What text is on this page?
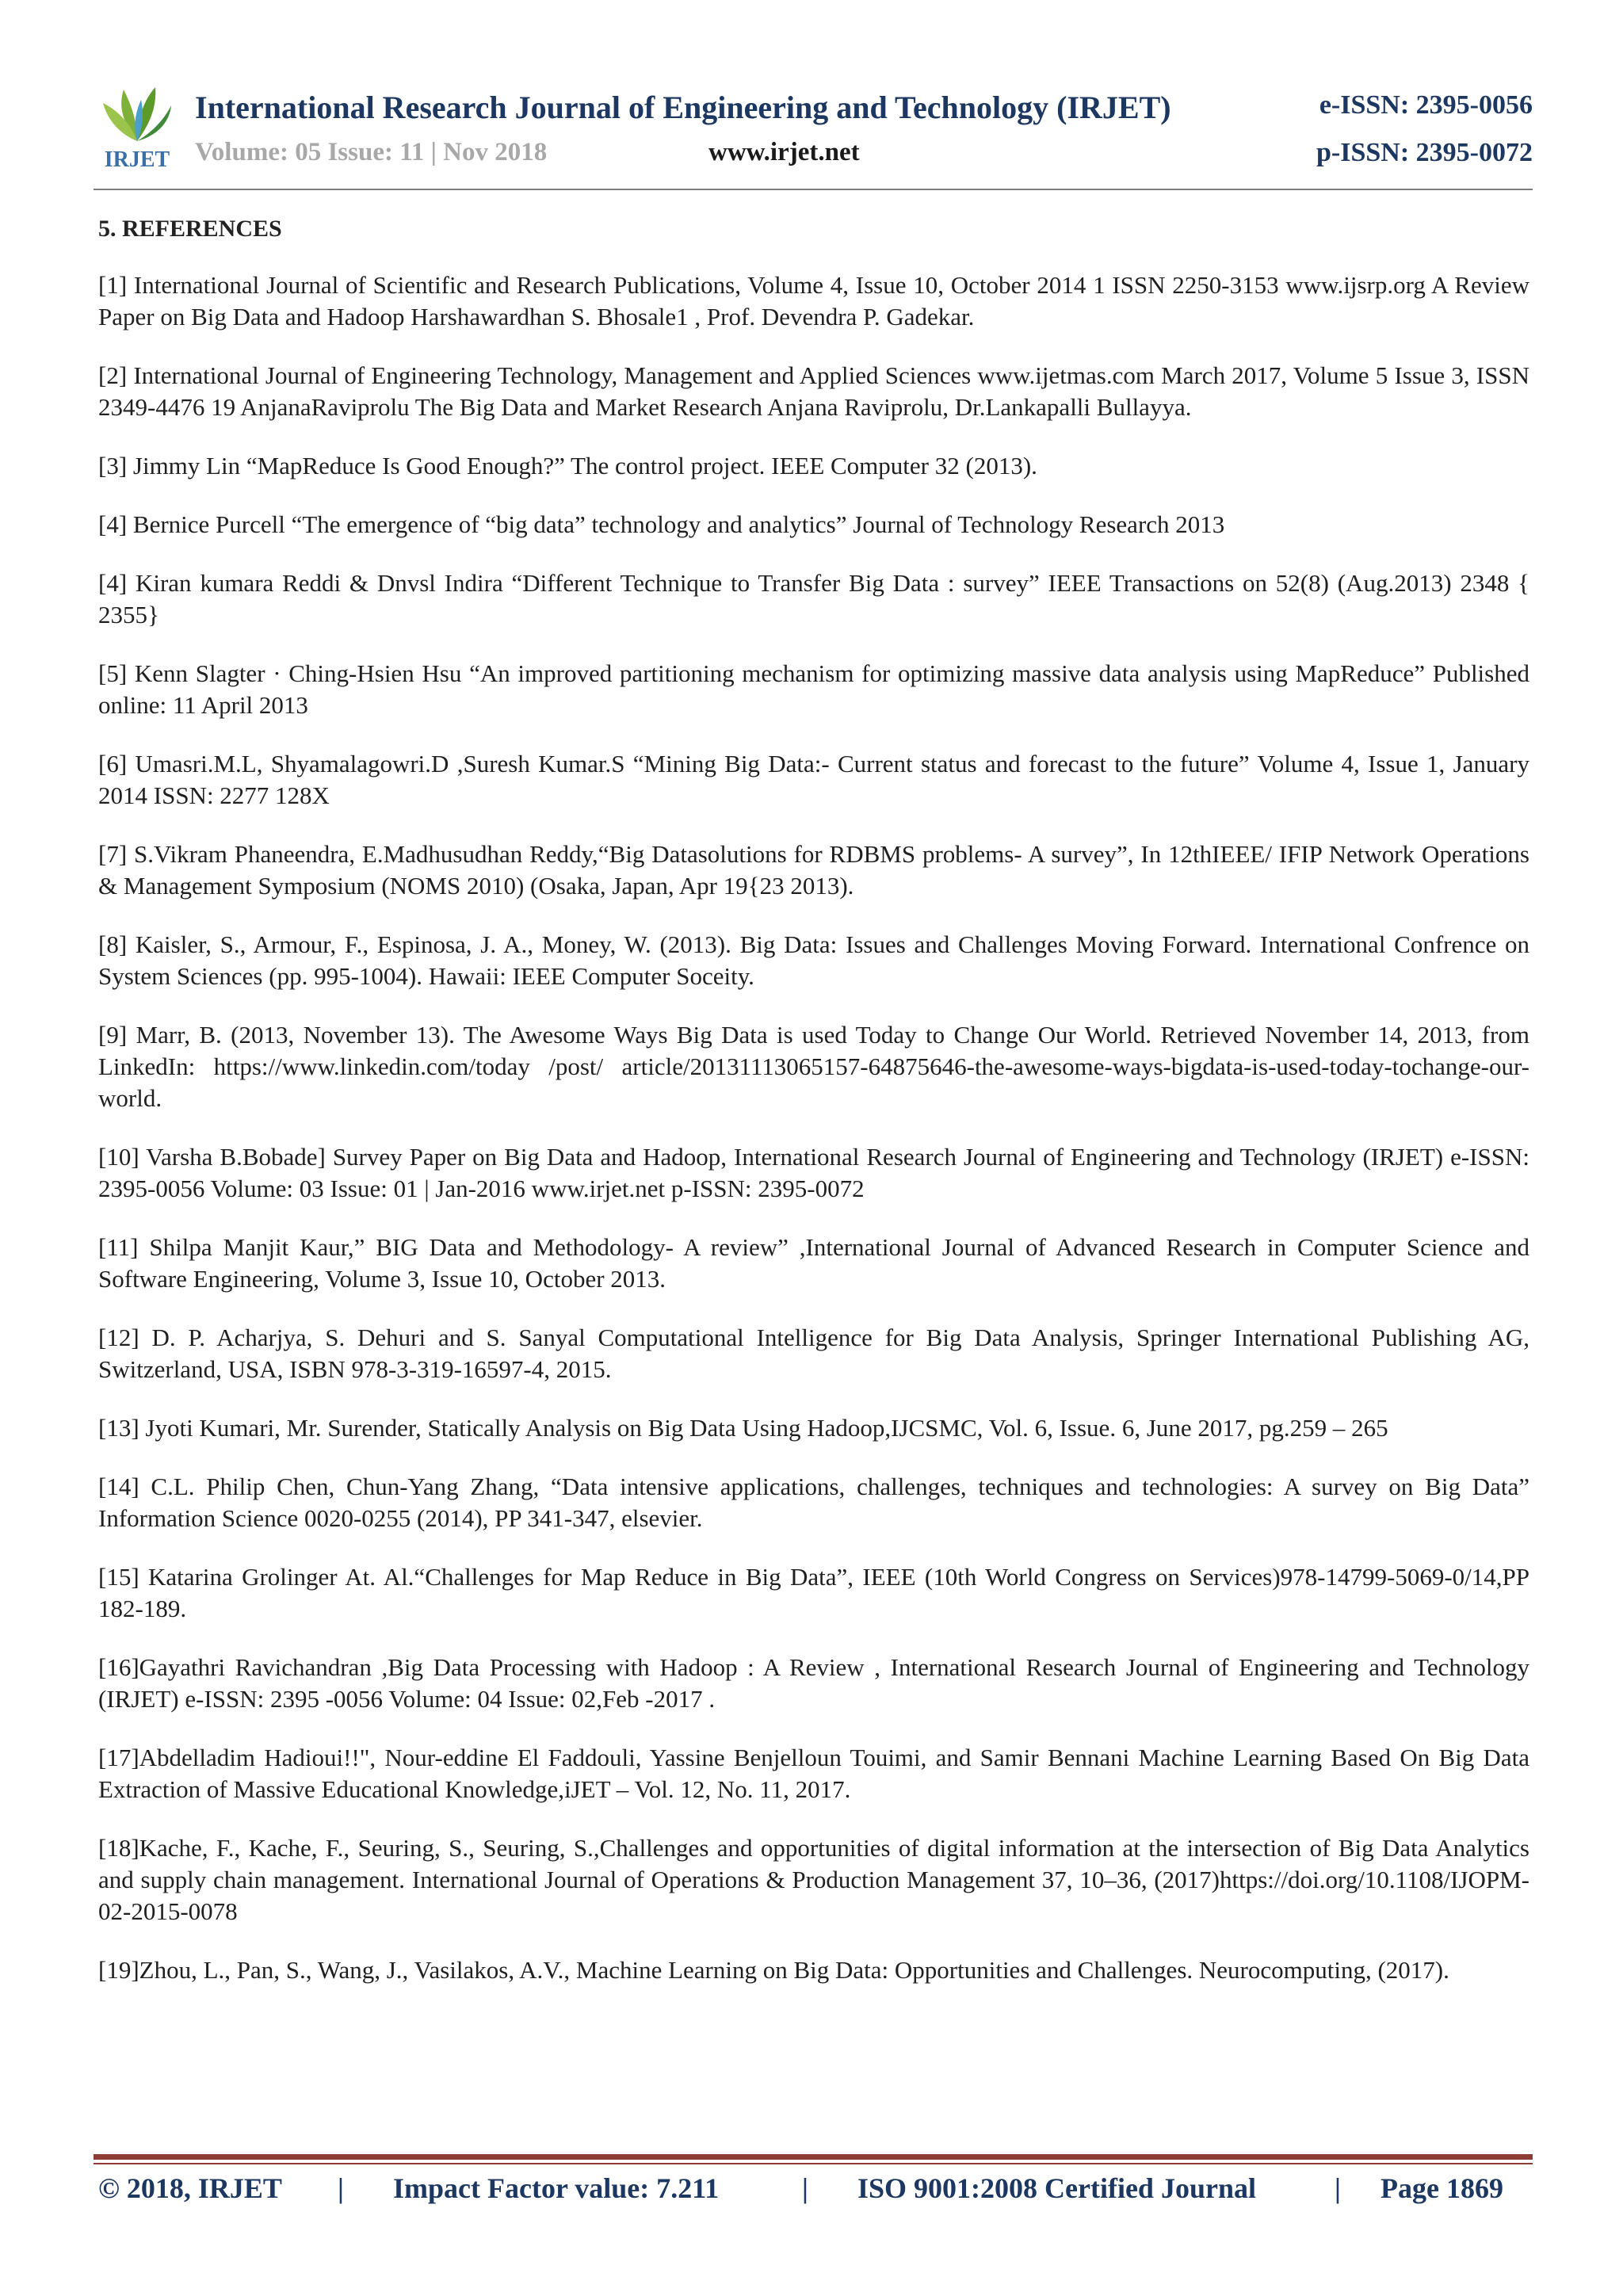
IRJET
International Research Journal of Engineering and Technology (IRJET)
Volume: 05 Issue: 11 | Nov 2018	www.irjet.net
e-ISSN: 2395-0056
p-ISSN: 2395-0072
5. REFERENCES

[1] International Journal of Scientific and Research Publications, Volume 4, Issue 10, October 2014 1 ISSN 2250-3153 www.ijsrp.org A Review Paper on Big Data and Hadoop Harshawardhan S. Bhosale1 , Prof. Devendra P. Gadekar.

[2] International Journal of Engineering Technology, Management and Applied Sciences www.ijetmas.com March 2017, Volume 5 Issue 3, ISSN 2349-4476 19 AnjanaRaviprolu The Big Data and Market Research Anjana Raviprolu, Dr.Lankapalli Bullayya.

[3] Jimmy Lin “MapReduce Is Good Enough?” The control project. IEEE Computer 32 (2013).

[4] Bernice Purcell “The emergence of “big data” technology and analytics” Journal of Technology Research 2013

[4] Kiran kumara Reddi & Dnvsl Indira “Different Technique to Transfer Big Data : survey” IEEE Transactions on 52(8) (Aug.2013) 2348 { 2355}

[5] Kenn Slagter · Ching-Hsien Hsu “An improved partitioning mechanism for optimizing massive data analysis using MapReduce” Published online: 11 April 2013

[6] Umasri.M.L, Shyamalagowri.D ,Suresh Kumar.S “Mining Big Data:- Current status and forecast to the future” Volume 4, Issue 1, January 2014 ISSN: 2277 128X

[7] S.Vikram Phaneendra, E.Madhusudhan Reddy,“Big Datasolutions for RDBMS problems- A survey”, In 12thIEEE/ IFIP Network Operations & Management Symposium (NOMS 2010) (Osaka, Japan, Apr 19{23 2013).

[8] Kaisler, S., Armour, F., Espinosa, J. A., Money, W. (2013). Big Data: Issues and Challenges Moving Forward. International Confrence on System Sciences (pp. 995-1004). Hawaii: IEEE Computer Soceity.

[9] Marr, B. (2013, November 13). The Awesome Ways Big Data is used Today to Change Our World. Retrieved November 14, 2013, from LinkedIn: https://www.linkedin.com/today /post/ article/20131113065157-64875646-the-awesome-ways-bigdata-is-used-today-tochange-our-world.

[10] Varsha B.Bobade] Survey Paper on Big Data and Hadoop, International Research Journal of Engineering and Technology (IRJET) e-ISSN: 2395-0056 Volume: 03 Issue: 01 | Jan-2016 www.irjet.net p-ISSN: 2395-0072

[11] Shilpa Manjit Kaur,” BIG Data and Methodology- A review” ,International Journal of Advanced Research in Computer Science and Software Engineering, Volume 3, Issue 10, October 2013.

[12] D. P. Acharjya, S. Dehuri and S. Sanyal Computational Intelligence for Big Data Analysis, Springer International Publishing AG, Switzerland, USA, ISBN 978-3-319-16597-4, 2015.

[13] Jyoti Kumari, Mr. Surender, Statically Analysis on Big Data Using Hadoop,IJCSMC, Vol. 6, Issue. 6, June 2017, pg.259 – 265

[14] C.L. Philip Chen, Chun-Yang Zhang, “Data intensive applications, challenges, techniques and technologies: A survey on Big Data” Information Science 0020-0255 (2014), PP 341-347, elsevier.

[15] Katarina Grolinger At. Al.“Challenges for Map Reduce in Big Data”, IEEE (10th World Congress on Services)978-14799-5069-0/14,PP 182-189.

[16]Gayathri Ravichandran ,Big Data Processing with Hadoop : A Review , International Research Journal of Engineering and Technology (IRJET) e-ISSN: 2395 -0056 Volume: 04 Issue: 02,Feb -2017 .

[17]Abdelladim Hadioui!!", Nour-eddine El Faddouli, Yassine Benjelloun Touimi, and Samir Bennani Machine Learning Based On Big Data Extraction of Massive Educational Knowledge,iJET – Vol. 12, No. 11, 2017.

[18]Kache, F., Kache, F., Seuring, S., Seuring, S.,Challenges and opportunities of digital information at the intersection of Big Data Analytics and supply chain management. International Journal of Operations & Production Management 37, 10–36, (2017)https://doi.org/10.1108/IJOPM-02-2015-0078

[19]Zhou, L., Pan, S., Wang, J., Vasilakos, A.V., Machine Learning on Big Data: Opportunities and Challenges. Neurocomputing, (2017).

© 2018, IRJET | Impact Factor value: 7.211	| ISO 9001:2008 Certified Journal	| Page 1869
